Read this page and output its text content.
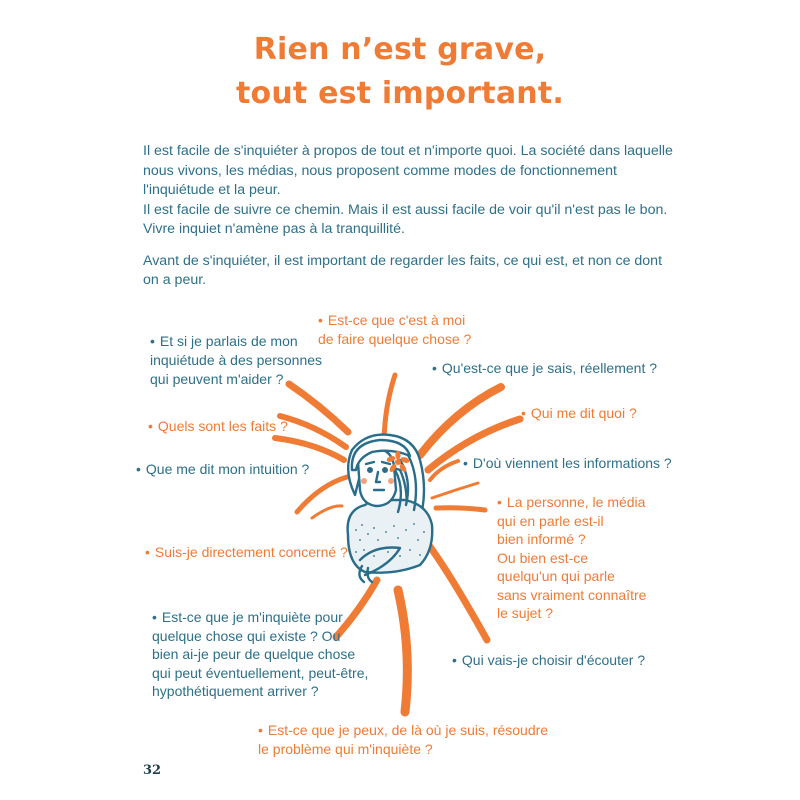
Rien n’est grave,
tout est important.

Il est facile de s'inquiéter à propos de tout et n'importe quoi. La société dans laquelle nous vivons, les médias, nous proposent comme modes de fonctionnement l'inquiétude et la peur.

Il est facile de suivre ce chemin. Mais il est aussi facile de voir qu'il n'est pas le bon. Vivre inquiet n'amène pas à la tranquillité.

Avant de s'inquiéter, il est important de regarder les faits, ce qui est, et non ce dont on a peur.

• Et si je parlais de mon
inquiétude à des personnes
qui peuvent m'aider ?
• Est-ce que c'est à moi
de faire quelque chose ?
• Qu'est-ce que je sais, réellement ?
• Qui me dit quoi ?
• Quels sont les faits ?
• Que me dit mon intuition ?	• D'où viennent les informations ?
• La personne, le média
qui en parle est-il
bien informé ?
Ou bien est-ce
quelqu'un qui parle
sans vraiment connaître
le sujet ?
• Suis-je directement concerné ?
• Est-ce que je m'inquiète pour
quelque chose qui existe ? Ou
bien ai-je peur de quelque chose
qui peut éventuellement, peut-être,
hypothétiquement arriver ?
• Qui vais-je choisir d'écouter ?
• Est-ce que je peux, de là où je suis, résoudre
le problème qui m'inquiète ?
32
